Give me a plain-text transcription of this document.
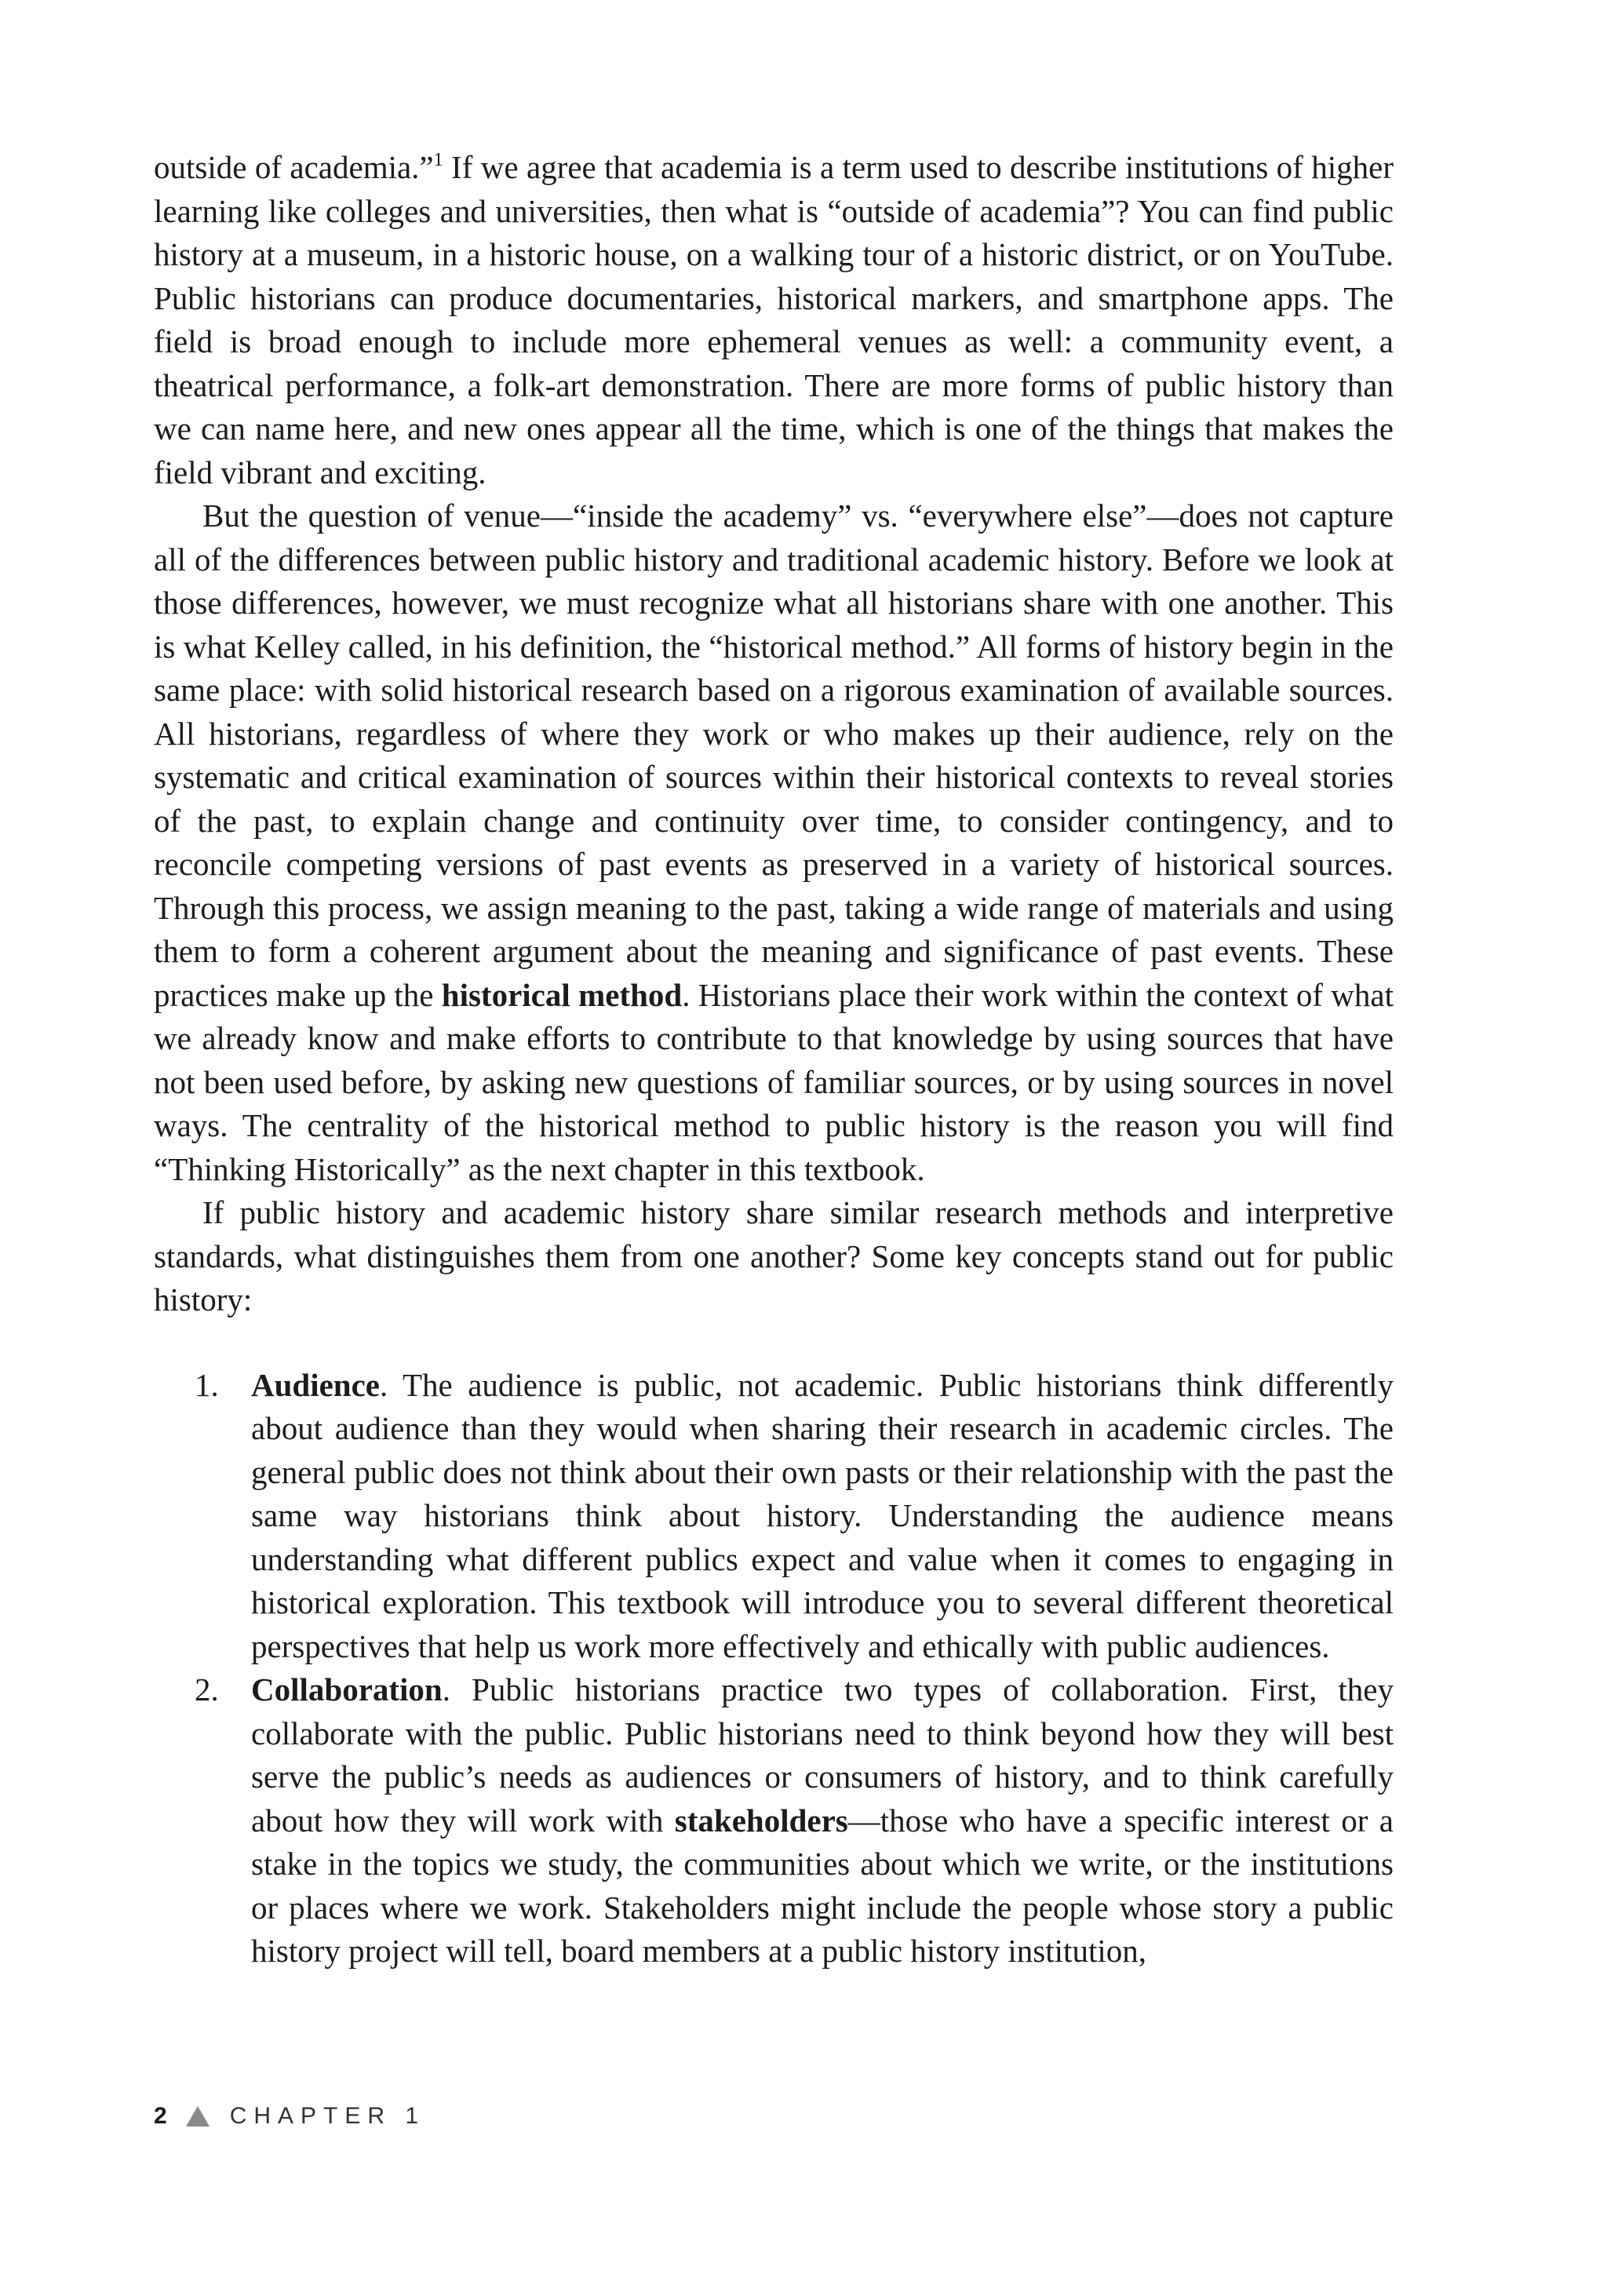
outside of academia.”$^1$ If we agree that academia is a term used to describe institutions of higher learning like colleges and universities, then what is “outside of academia”? You can find public history at a museum, in a historic house, on a walking tour of a historic district, or on YouTube. Public historians can produce documentaries, historical markers, and smartphone apps. The field is broad enough to include more ephemeral venues as well: a community event, a theatrical performance, a folk-art demonstration. There are more forms of public history than we can name here, and new ones appear all the time, which is one of the things that makes the field vibrant and exciting.

But the question of venue—“inside the academy” vs. “everywhere else”—does not capture all of the differences between public history and traditional academic history. Before we look at those differences, however, we must recognize what all historians share with one another. This is what Kelley called, in his definition, the “historical method.” All forms of history begin in the same place: with solid historical research based on a rigorous examination of available sources. All historians, regardless of where they work or who makes up their audience, rely on the systematic and critical examination of sources within their historical contexts to reveal stories of the past, to explain change and continuity over time, to consider contingency, and to reconcile competing versions of past events as preserved in a variety of historical sources. Through this process, we assign meaning to the past, taking a wide range of materials and using them to form a coherent argument about the meaning and significance of past events. These practices make up the historical method. Historians place their work within the context of what we already know and make efforts to contribute to that knowledge by using sources that have not been used before, by asking new questions of familiar sources, or by using sources in novel ways. The centrality of the historical method to public history is the reason you will find “Thinking Historically” as the next chapter in this textbook.

If public history and academic history share similar research methods and interpretive standards, what distinguishes them from one another? Some key concepts stand out for public history:

1. Audience. The audience is public, not academic. Public historians think differently about audience than they would when sharing their research in academic circles. The general public does not think about their own pasts or their relationship with the past the same way historians think about history. Understanding the audience means understanding what different publics expect and value when it comes to engaging in historical exploration. This textbook will introduce you to several different theoretical perspectives that help us work more effectively and ethically with public audiences.
2. Collaboration. Public historians practice two types of collaboration. First, they collaborate with the public. Public historians need to think beyond how they will best serve the public’s needs as audiences or consumers of history, and to think carefully about how they will work with stakeholders—those who have a specific interest or a stake in the topics we study, the communities about which we write, or the institutions or places where we work. Stakeholders might include the people whose story a public history project will tell, board members at a public history institution,
2	CHAPTER 1
